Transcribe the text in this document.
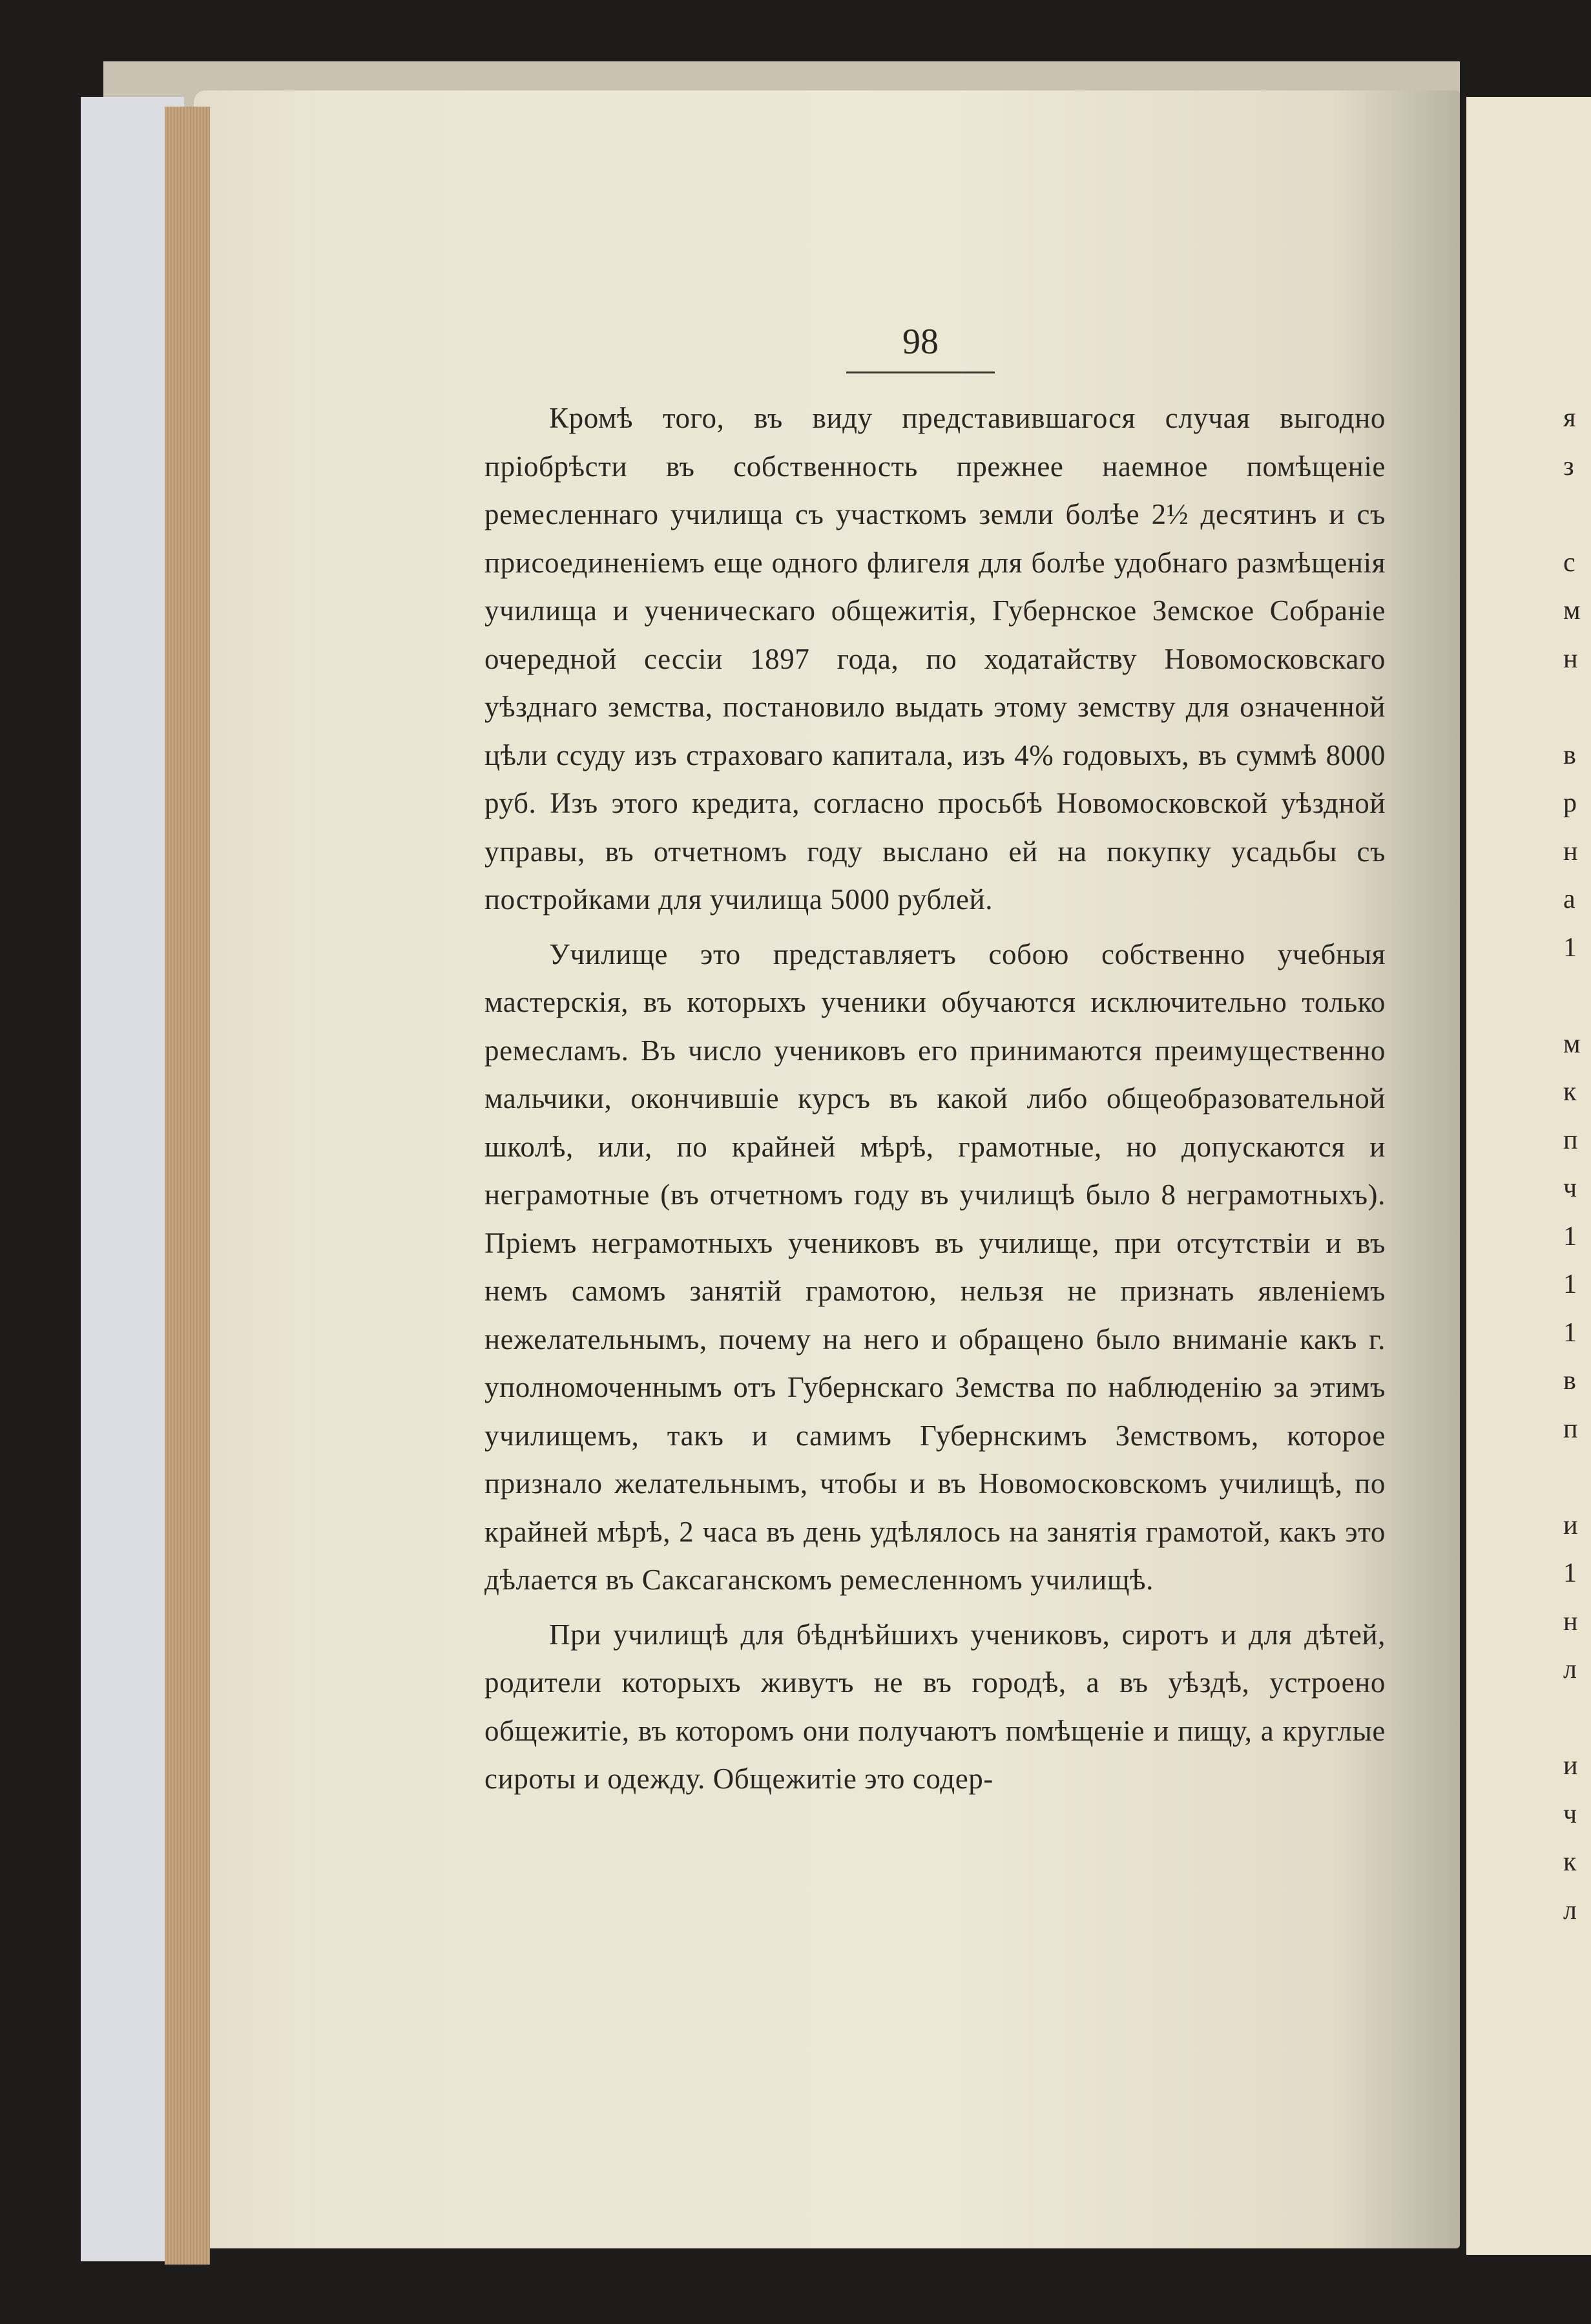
98

Кромѣ того, въ виду представившагося случая выгодно пріобрѣсти въ собственность прежнее наемное помѣщеніе ремесленнаго училища съ участкомъ земли болѣе 2½ десятинъ и съ присоединеніемъ еще одного флигеля для болѣе удобнаго размѣщенія училища и ученическаго общежитія, Губернское Земское Собраніе очередной сессіи 1897 года, по ходатайству Новомосковскаго уѣзднаго земства, постановило выдать этому земству для означенной цѣли ссуду изъ страховаго капитала, изъ 4% годовыхъ, въ суммѣ 8000 руб. Изъ этого кредита, согласно просьбѣ Новомосковской уѣздной управы, въ отчетномъ году выслано ей на покупку усадьбы съ постройками для училища 5000 рублей.

Училище это представляетъ собою собственно учебныя мастерскія, въ которыхъ ученики обучаются исключительно только ремесламъ. Въ число учениковъ его принимаются преимущественно мальчики, окончившіе курсъ въ какой либо общеобразовательной школѣ, или, по крайней мѣрѣ, грамотные, но допускаются и неграмотные (въ отчетномъ году въ училищѣ было 8 неграмотныхъ). Пріемъ неграмотныхъ учениковъ въ училище, при отсутствіи и въ немъ самомъ занятій грамотою, нельзя не признать явленіемъ нежелательнымъ, почему на него и обращено было вниманіе какъ г. уполномоченнымъ отъ Губернскаго Земства по наблюденію за этимъ училищемъ, такъ и самимъ Губернскимъ Земствомъ, которое признало желательнымъ, чтобы и въ Новомосковскомъ училищѣ, по крайней мѣрѣ, 2 часа въ день удѣлялось на занятія грамотой, какъ это дѣлается въ Саксаганскомъ ремесленномъ училищѣ.

При училищѣ для бѣднѣйшихъ учениковъ, сиротъ и для дѣтей, родители которыхъ живутъ не въ городѣ, а въ уѣздѣ, устроено общежитіе, въ которомъ они получаютъ помѣщеніе и пищу, а круглые сироты и одежду. Общежитіе это содер-

я
з

с
м
н

в
р
н
а
1

м
к
п
ч
1
1
1
в
п

и
1
н
л

и
ч
к
л
